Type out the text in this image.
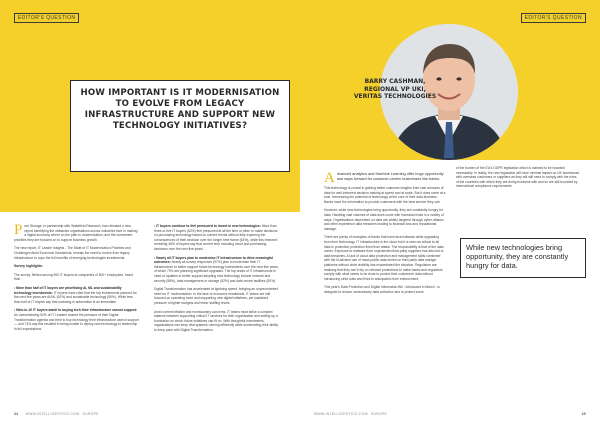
EDITOR'S QUESTION
HOW IMPORTANT IS IT MODERNISATION TO EVOLVE FROM LEGACY INFRASTRUCTURE AND SUPPORT NEW TECHNOLOGY INITIATIVES?

Pure Storage, in partnership with Wakefield Research, has released a new report identifying the obstacles organisations across industries face in making a digital economy where on the path to modernisation, and the investment priorities they are focused on to support business growth.

The new report, IT Leader Insights - The State of IT Modernization Priorities and Challenges Amid Economic Headwinds, reveals the need to evolve from legacy infrastructure to cope the full benefits of emerging technologies investments.

Survey highlights:

The survey, fielded among 500 IT buyers at companies of 500+ employees, found that:

• More than half of IT buyers are prioritising AI, ML and sustainability technology investments: IT buyers have cited that the top investments planned for the next five years are AI/ML (52%) and sustainable technology (50%). While less than half of IT buyers say that investing in automation is an immediate.

• Nine-in-10 IT buyers admit to buying tech their infrastructure cannot support: An overwhelming 92% of IT Leaders shared the pressure of their Digital Transformation agenda and their to buy technology their infrastructure cannot support — and 74% say this resulted in being unable to deploy new technology to leadership in full expectations.

• IT buyers continue to feel pressured to invest in new technologies: More than three-in-five IT buyers (62%) feel pressured at all the time or often to make decisions on purchasing technology based on current trends without fully exploring the consequences of their decision over the longer time frame (63%), while this research revealing 45% of buyers say that current tech including cloud and purchasing decisions over the next five years.

• Nearly all IT buyers plan to modernise IT infrastructure to drive meaningful outcomes: Nearly all survey responses (97%) plan to modernise their IT infrastructure to better support future technology investments over the next five years, of which 70% are planning significant upgrades. The top areas of IT infrastructure in need of updates to better support adopting new technology include network and security (58%), data management or storage (52%) and data centre facilities (50%).

Digital Transformation has accelerated at lightning speed, bringing an unprecedented need for IT modernisation. In the face of economic headwinds, IT teams are still focused on operating more and supporting new digital initiatives, yet sustained pressure of tighter budgets and fewer staffing levels.

Amid current inflation and recessionary concerns, IT teams must strike a complex balance between supporting critical IT services for their organisation and setting up a foundation on which future initiatives can fit on. With thoughtful investments, organisations can keep vital systems running efficiently while accelerating their ability to keep pace with Digital Transformation.

34 WWW.INTELLIGENTCIO.COM EUROPE
EDITOR'S QUESTION
BARRY CASHMAN,
REGIONAL VP UKI,
VERITAS TECHNOLOGIES

Advanced analytics and Machine Learning offer huge opportunity and ways forward for customer-centric businesses like banks.

This technology is crucial in gaining better customer insights from vast amounts of data for well-informed decision-making at speed and at scale. But it does come at a cost. Harnessing the potential of technology at the core of their data business. Banks have the information to provide customers with the best service they can.

However, while new technologies bring opportunity, they are constantly hungry for data. Handling vast volumes of data does come with increased risks in a variety of ways. Organisations dependent on data are widely targeted through cyber-attacks and often experience data breaches leading to financial loss and reputational damage.

There are plenty of examples of banks that have faced attacks while upgrading from their technology. IT infrastructure is the cloud but it is seen as critical to all data in protection protection fixed from attack. The responsibility is that of the data owner. Exposure to malware from unprotected third-party suppliers has also led to data breaches. A lack of cloud data protection and management skills combined with the ill-advised use of mass public data stored on third-party data storage platforms without clear visibility has exacerbated the situation. Regulators are realising that they can't rely on relevant protections to make banks and regulators comply with what needs to be done to protect their customers' data without introducing strict rules and fines in anticipation from enforcement.

This year's Data Protection and Digital Information Bill - introduced in March - is designed to reduce unnecessary data collection and to protect some

of the burden of the EU's GDPR legislation which is claimed to be hoarded necessarily. In reality, the new legislation will have minimal impact on UK businesses with overseas customers or suppliers as they will still need to comply with the rules of the countries with which they are doing business with and so are still bounded by international compliance requirements.

While new technologies bring opportunity, they are constantly hungry for data.
WWW.INTELLIGENTCIO.COM EUROPE	35
